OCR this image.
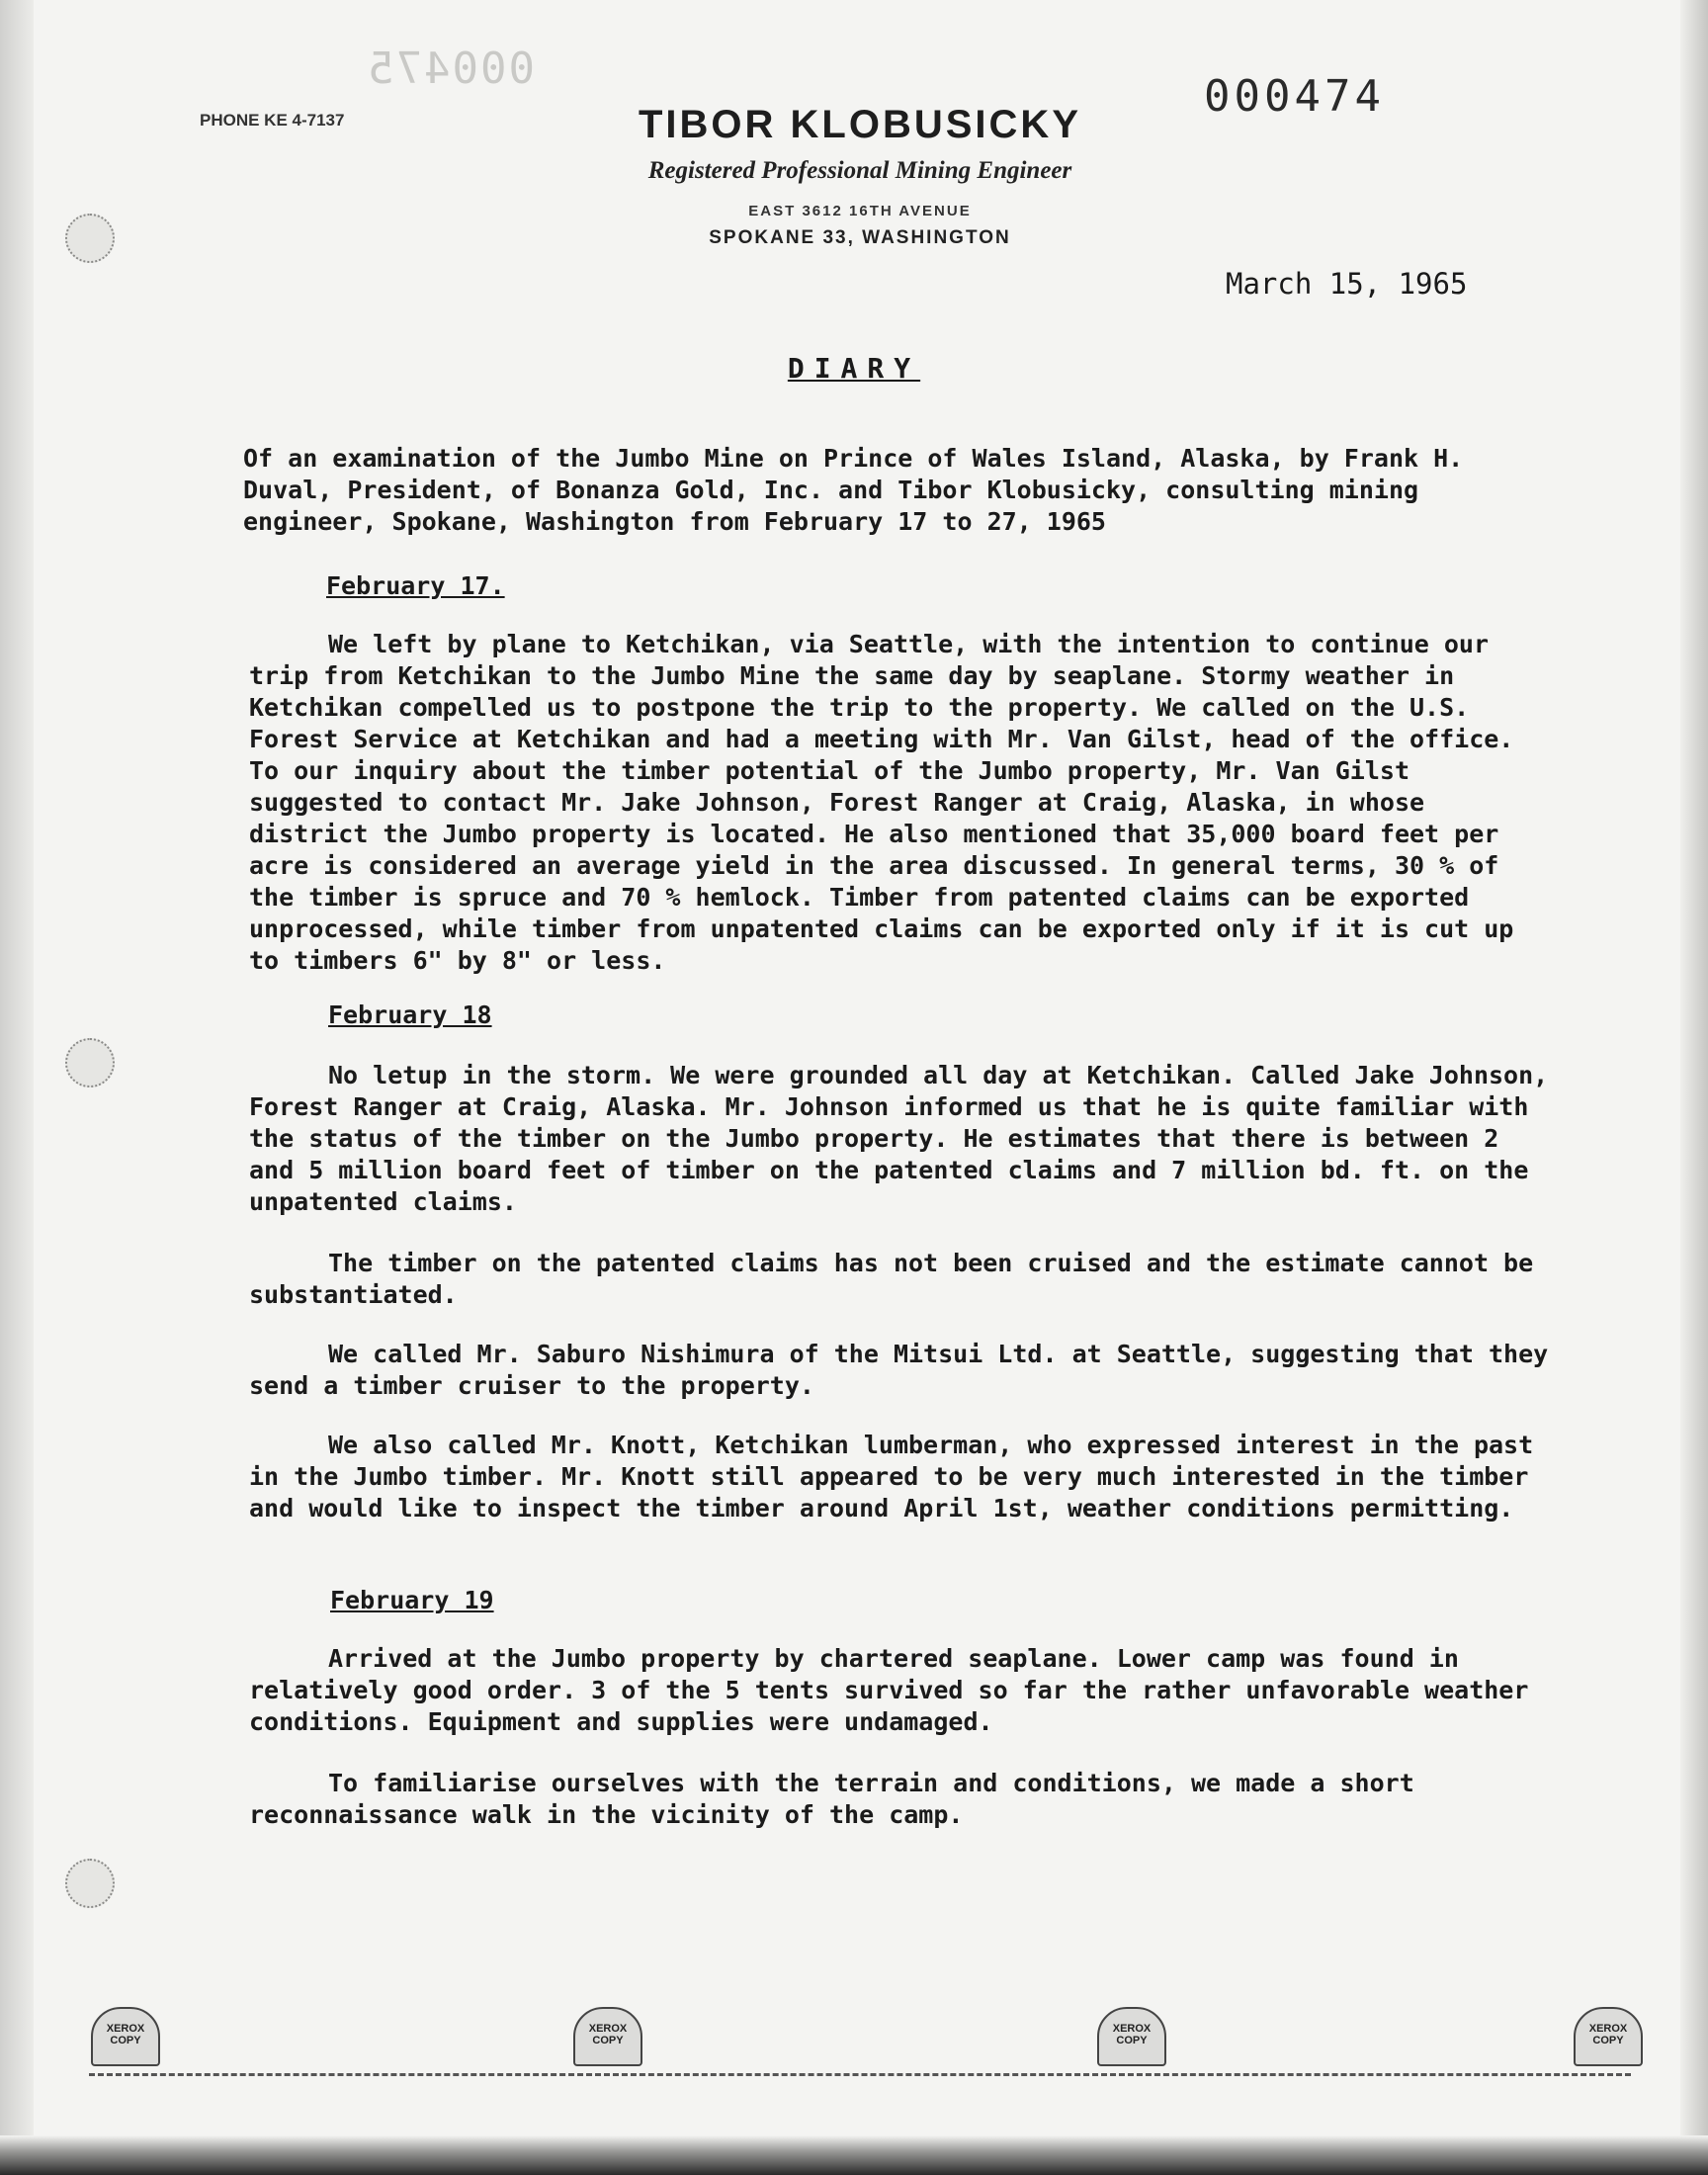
000475
000474
PHONE KE 4-7137	TIBOR KLOBUSICKY
Registered Professional Mining Engineer
EAST 3612 16TH AVENUE
SPOKANE 33, WASHINGTON
March 15, 1965
DIARY

Of an examination of the Jumbo Mine on Prince of Wales Island, Alaska, by Frank H. Duval, President, of Bonanza Gold, Inc. and Tibor Klobusicky, consulting mining engineer, Spokane, Washington from February 17 to 27, 1965

February 17.

We left by plane to Ketchikan, via Seattle, with the intention to continue our trip from Ketchikan to the Jumbo Mine the same day by seaplane. Stormy weather in Ketchikan compelled us to postpone the trip to the property. We called on the U.S. Forest Service at Ketchikan and had a meeting with Mr. Van Gilst, head of the office. To our inquiry about the timber potential of the Jumbo property, Mr. Van Gilst suggested to contact Mr. Jake Johnson, Forest Ranger at Craig, Alaska, in whose district the Jumbo property is located. He also mentioned that 35,000 board feet per acre is considered an average yield in the area discussed. In general terms, 30 % of the timber is spruce and 70 % hemlock. Timber from patented claims can be exported unprocessed, while timber from unpatented claims can be exported only if it is cut up to timbers 6" by 8" or less.

February 18

No letup in the storm. We were grounded all day at Ketchikan. Called Jake Johnson, Forest Ranger at Craig, Alaska. Mr. Johnson informed us that he is quite familiar with the status of the timber on the Jumbo property. He estimates that there is between 2 and 5 million board feet of timber on the patented claims and 7 million bd. ft. on the unpatented claims.

The timber on the patented claims has not been cruised and the estimate cannot be substantiated.

We called Mr. Saburo Nishimura of the Mitsui Ltd. at Seattle, suggesting that they send a timber cruiser to the property.

We also called Mr. Knott, Ketchikan lumberman, who expressed interest in the past in the Jumbo timber. Mr. Knott still appeared to be very much interested in the timber and would like to inspect the timber around April 1st, weather conditions permitting.

February 19

Arrived at the Jumbo property by chartered seaplane. Lower camp was found in relatively good order. 3 of the 5 tents survived so far the rather unfavorable weather conditions. Equipment and supplies were undamaged.

To familiarise ourselves with the terrain and conditions, we made a short reconnaissance walk in the vicinity of the camp.

XEROX COPY
XEROX COPY
XEROX COPY
XEROX COPY
